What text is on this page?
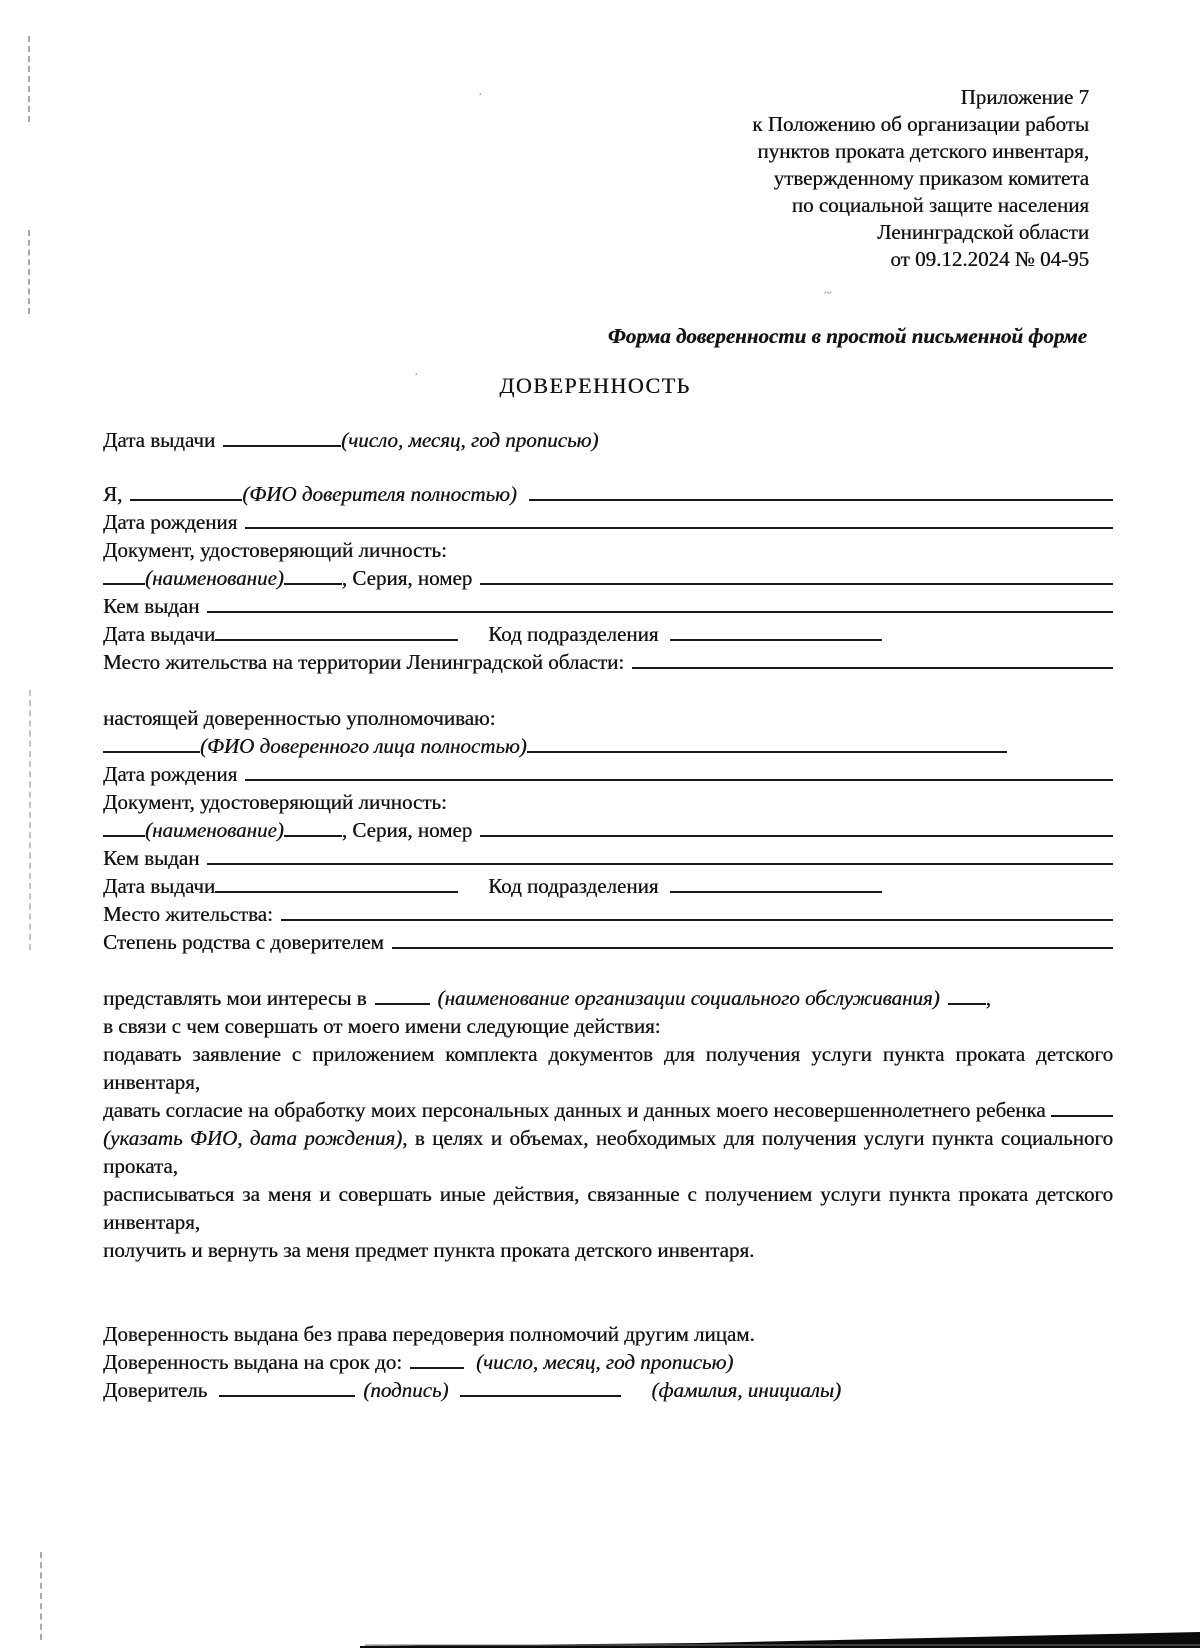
~
·
·
Приложение 7
к Положению об организации работы
пунктов проката детского инвентаря,
утвержденному приказом комитета
по социальной защите населения
Ленинградской области
от 09.12.2024 № 04-95
Форма доверенности в простой письменной форме
ДОВЕРЕННОСТЬ
Дата выдачи	(число, месяц, год прописью)
Я,	(ФИО доверителя полностью)
Дата рождения
Документ, удостоверяющий личность:
(наименование)	, Серия, номер
Кем выдан
Дата выдачи	Код подразделения
Место жительства на территории Ленинградской области:
настоящей доверенностью уполномочиваю:
(ФИО доверенного лица полностью)
Дата рождения
Документ, удостоверяющий личность:
(наименование)	, Серия, номер
Кем выдан
Дата выдачи	Код подразделения
Место жительства:
Степень родства с доверителем
представлять мои интересы в	(наименование организации социального обслуживания) ,
в связи с чем совершать от моего имени следующие действия:
подавать заявление с приложением комплекта документов для получения услуги пункта проката детского инвентаря,
давать согласие на обработку моих персональных данных и данных моего несовершеннолетнего ребенка (указать ФИО, дата рождения), в целях и объемах, необходимых для получения услуги пункта социального проката,
расписываться за меня и совершать иные действия, связанные с получением услуги пункта проката детского инвентаря,
получить и вернуть за меня предмет пункта проката детского инвентаря.
Доверенность выдана без права передоверия полномочий другим лицам.
Доверенность выдана на срок до:	(число, месяц, год прописью)
Доверитель	(подпись)	(фамилия, инициалы)
